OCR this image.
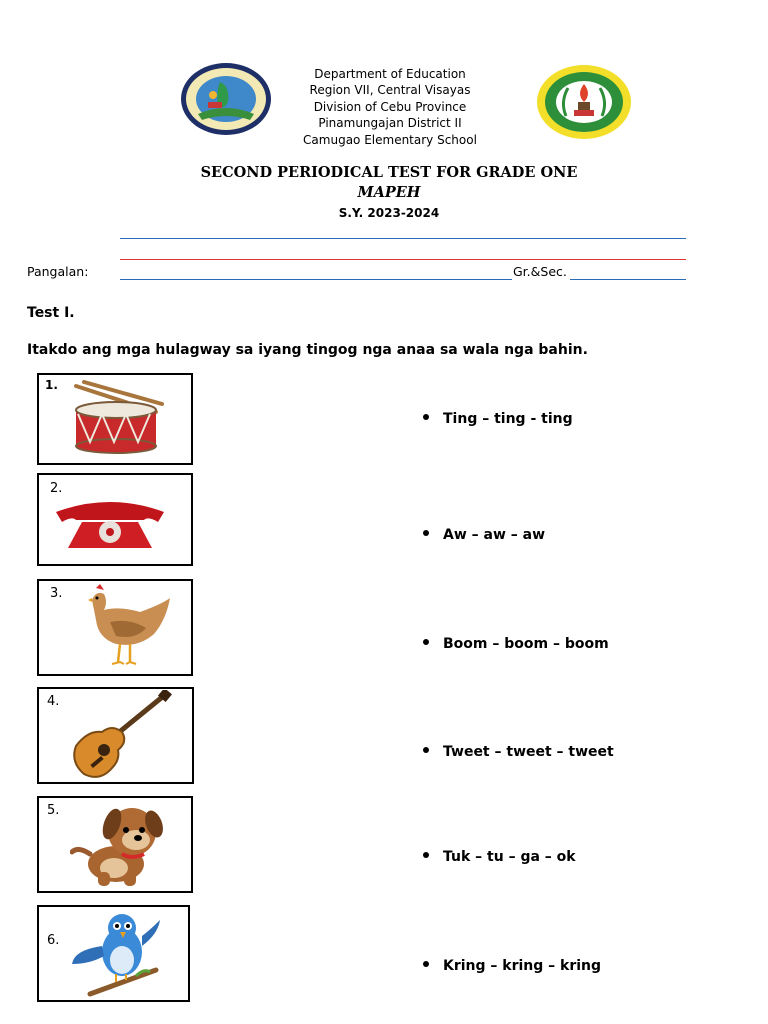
Department of Education
Region VII, Central Visayas
Division of Cebu Province
Pinamungajan District II
Camugao Elementary School
SECOND PERIODICAL TEST FOR GRADE ONE
MAPEH
S.Y. 2023-2024
Pangalan:	Gr.&Sec.
Test I.
Itakdo ang mga hulagway sa iyang tingog nga anaa sa wala nga bahin.
1.
2.
3.
4.
5.
6.
Ting – ting - ting
Aw – aw – aw
Boom – boom – boom
Tweet – tweet – tweet
Tuk – tu – ga – ok
Kring – kring – kring
